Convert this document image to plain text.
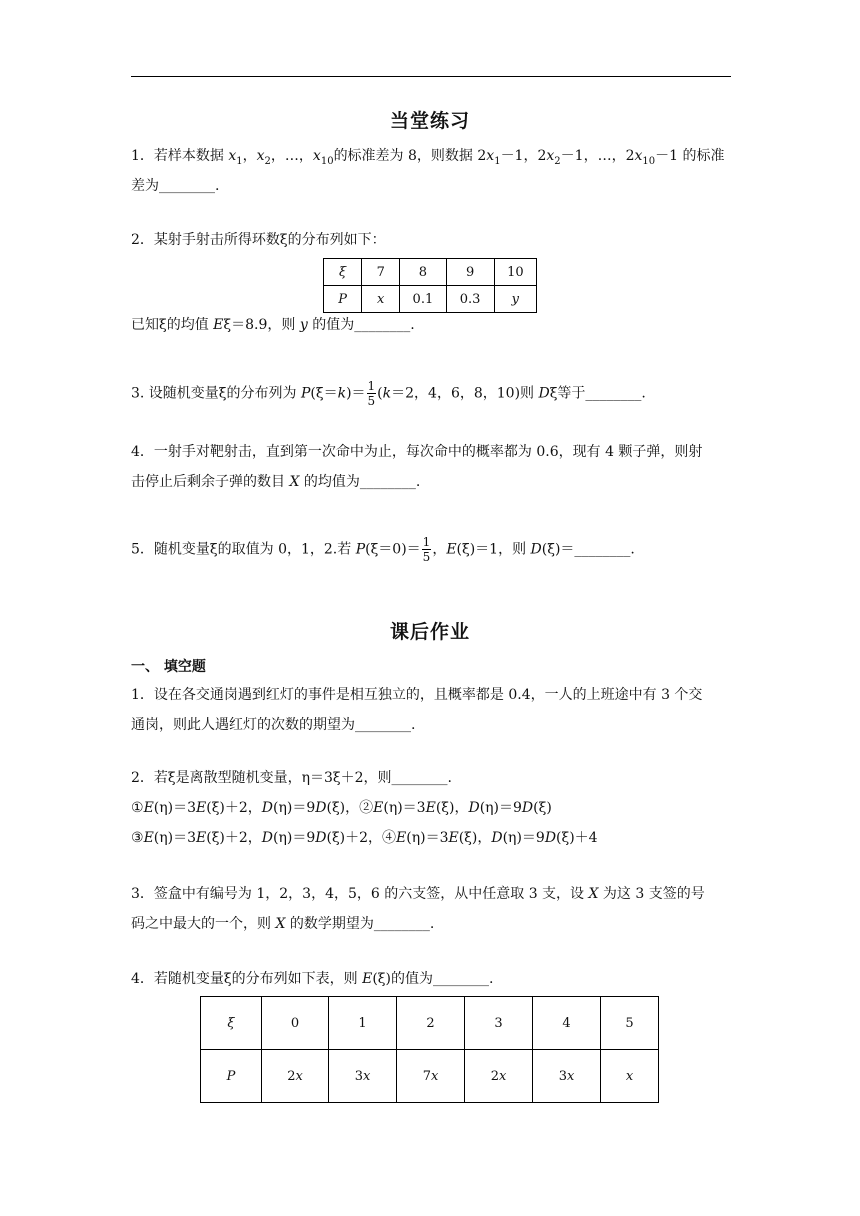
当堂练习
1．若样本数据 $x_1$，$x_2$，…，$x_{10}$的标准差为 8，则数据 $2x_1-1$，$2x_2-1$，…，$2x_{10}-1$ 的标准
差为________.
2．某射手射击所得环数ξ的分布列如下：
ξ	7	8	9	10
P	x	0.1	0.3	y
已知ξ的均值 Eξ＝8.9，则 y 的值为________.
3. 设随机变量ξ的分布列为 $P(\xi=k)= \frac{1}{5} (k=2$，4，6，8，10)则 Dξ等于________.
4．一射手对靶射击，直到第一次命中为止，每次命中的概率都为 0.6，现有 4 颗子弹，则射
击停止后剩余子弹的数目 X 的均值为________.
5．随机变量ξ的取值为 0，1，2.若 $P(\xi=0)= \frac{1}{5}$ ，E(ξ)＝1，则 D(ξ)＝________.
课后作业
一、 填空题
1．设在各交通岗遇到红灯的事件是相互独立的，且概率都是 0.4，一人的上班途中有 3 个交
通岗，则此人遇红灯的次数的期望为________.
2．若ξ是离散型随机变量，η＝3ξ＋2，则________.
①E(η)＝3E(ξ)＋2，D(η)＝9D(ξ)，②E(η)＝3E(ξ)，D(η)＝9D(ξ)
③E(η)＝3E(ξ)＋2，D(η)＝9D(ξ)＋2，④E(η)＝3E(ξ)，D(η)＝9D(ξ)＋4
3．签盒中有编号为 1，2，3，4，5，6 的六支签，从中任意取 3 支，设 X 为这 3 支签的号
码之中最大的一个，则 X 的数学期望为________.
4．若随机变量ξ的分布列如下表，则 E(ξ)的值为________.
ξ	0	1	2	3	4	5
P	2x	3x	7x	2x	3x	x
